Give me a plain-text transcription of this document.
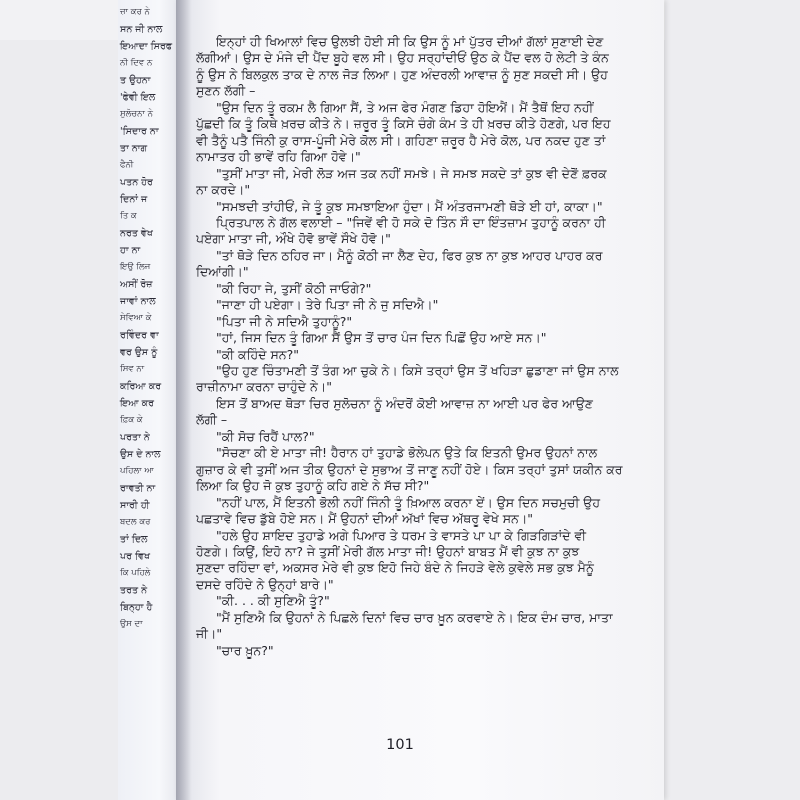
ਜ਼ਾ ਕਰ ਨੇ
ਸਨ ਜੀ ਨਾਲ
ਇਆਦਾ ਸਿਰਫ
ਨੀ ਦਿਵ ਨ
ਤ ਉਹਨਾ
'ਫੇਵੀ ਇਲ
ਸੁਲੋਚਨਾ ਨੇ
'ਸਿਦਾਰ ਨਾ
ਤਾ ਨਾਗ
ਫੈਨੀ
ਪਤਨ ਹੋਰ
ਦਿਨਾਂ ਜ
ਤਿ ਕ
ਨਰਤ ਵੇਖ
ਹਾ ਨਾ
ਇਉ ਲਿਜ
ਅਸੀਂ ਰੋਜ਼
ਜਾਵਾਂ ਨਾਲ
ਸੇਵਿਆ ਕੇ
ਰਵਿੰਦਰ ਵਾ
ਵਰ ਉਸ ਨੂੰ
ਸਿਵ ਨਾ
ਕਰਿਆ ਕਰ
ਇਆ ਕਰ
ਫ਼ਿਕ ਕੇ
ਪਰਤਾ ਨੇ
ਉਸ ਦੇ ਨਾਲ
ਪਹਿਲਾ ਆ
ਰਾਵਤੀ ਨਾ
ਸਾਰੀ ਹੀ
ਬਦਲ ਕਰ
ਤਾਂ ਦਿਲ
ਪਰ ਵਿਖ
ਕਿ ਪਹਿਲੇ
ਤਰਤ ਨੇ
ਬਿਨ੍ਹਾ ਹੈ
ਉਸ ਦਾ
ਇਨ੍ਹਾਂ ਹੀ ਖਿਆਲਾਂ ਵਿਚ ਉਲਝੀ ਹੋਈ ਸੀ ਕਿ ਉਸ ਨੂੰ ਮਾਂ ਪੁੱਤਰ ਦੀਆਂ ਗੱਲਾਂ ਸੁਣਾਈ ਦੇਣ
ਲੱਗੀਆਂ। ਉਸ ਦੇ ਮੰਜੇ ਦੀ ਪੈਂਦ ਬੂਹੇ ਵਲ ਸੀ। ਉਹ ਸਰ੍ਹਾਂਦੀਓਂ ਉਠ ਕੇ ਪੈਂਦ ਵਲ ਹੋ ਲੇਟੀ ਤੇ ਕੰਨ
ਨੂੰ ਉਸ ਨੇ ਬਿਲਕੁਲ ਤਾਕ ਦੇ ਨਾਲ ਜੋੜ ਲਿਆ। ਹੁਣ ਅੰਦਰਲੀ ਆਵਾਜ਼ ਨੂੰ ਸੁਣ ਸਕਦੀ ਸੀ। ਉਹ
ਸੁਣਨ ਲੱਗੀ –
"ਉਸ ਦਿਨ ਤੂੰ ਰਕਮ ਲੈ ਗਿਆ ਸੈਂ, ਤੇ ਅਜ ਫੇਰ ਮੰਗਣ ਡਿਹਾ ਹੋਇਐਂ। ਮੈਂ ਤੈਥੋਂ ਇਹ ਨਹੀਂ
ਪੁੱਛਦੀ ਕਿ ਤੂੰ ਕਿਥੇ ਖ਼ਰਚ ਕੀਤੇ ਨੇ। ਜ਼ਰੂਰ ਤੂੰ ਕਿਸੇ ਚੰਗੇ ਕੰਮ ਤੇ ਹੀ ਖ਼ਰਚ ਕੀਤੇ ਹੋਣਗੇ, ਪਰ ਇਹ
ਵੀ ਤੈਨੂੰ ਪਤੈ ਜਿੰਨੀ ਕੁ ਰਾਸ-ਪੂੰਜੀ ਮੇਰੇ ਕੋਲ ਸੀ। ਗਹਿਣਾ ਜ਼ਰੂਰ ਹੈ ਮੇਰੇ ਕੋਲ, ਪਰ ਨਕਦ ਹੁਣ ਤਾਂ
ਨਾਮਾਤਰ ਹੀ ਭਾਵੇਂ ਰਹਿ ਗਿਆ ਹੋਵੇ।"
"ਤੁਸੀਂ ਮਾਤਾ ਜੀ, ਮੇਰੀ ਲੋੜ ਅਜ ਤਕ ਨਹੀਂ ਸਮਝੇ। ਜੇ ਸਮਝ ਸਕਦੇ ਤਾਂ ਕੁਝ ਵੀ ਦੇਣੋਂ ਫ਼ਰਕ
ਨਾ ਕਰਦੇ।"
"ਸਮਝਦੀ ਤਾਂਹੀਓਂ, ਜੇ ਤੂੰ ਕੁਝ ਸਮਝਾਇਆ ਹੁੰਦਾ। ਮੈਂ ਅੰਤਰਜਾਮਣੀ ਥੋੜੇ ਈ ਹਾਂ, ਕਾਕਾ।"
ਪ੍ਰਿਤਪਾਲ ਨੇ ਗੱਲ ਵਲਾਈ – "ਜਿਵੇਂ ਵੀ ਹੋ ਸਕੇ ਦੋ ਤਿੰਨ ਸੌ ਦਾ ਇੰਤਜ਼ਾਮ ਤੁਹਾਨੂੰ ਕਰਨਾ ਹੀ
ਪਏਗਾ ਮਾਤਾ ਜੀ, ਔਖੇ ਹੋਵੋ ਭਾਵੇਂ ਸੌਖੇ ਹੋਵੋ।"
"ਤਾਂ ਥੋੜੇ ਦਿਨ ਠਹਿਰ ਜਾ। ਮੈਨੂੰ ਕੋਠੀ ਜਾ ਲੈਣ ਦੇਹ, ਫਿਰ ਕੁਝ ਨਾ ਕੁਝ ਆਹਰ ਪਾਹਰ ਕਰ
ਦਿਆਂਗੀ।"
"ਕੀ ਰਿਹਾ ਜੇ, ਤੁਸੀਂ ਕੋਠੀ ਜਾਓਗੇ?"
"ਜਾਣਾ ਹੀ ਪਏਗਾ। ਤੇਰੇ ਪਿਤਾ ਜੀ ਨੇ ਜੁ ਸਦਿਐ।"
"ਪਿਤਾ ਜੀ ਨੇ ਸਦਿਐ ਤੁਹਾਨੂੰ?"
"ਹਾਂ, ਜਿਸ ਦਿਨ ਤੂੰ ਗਿਆ ਸੈਂ ਉਸ ਤੋਂ ਚਾਰ ਪੰਜ ਦਿਨ ਪਿਛੋਂ ਉਹ ਆਏ ਸਨ।"
"ਕੀ ਕਹਿੰਦੇ ਸਨ?"
"ਉਹ ਹੁਣ ਚਿੰਤਾਮਣੀ ਤੋਂ ਤੰਗ ਆ ਚੁਕੇ ਨੇ। ਕਿਸੇ ਤਰ੍ਹਾਂ ਉਸ ਤੋਂ ਖਹਿੜਾ ਛੁਡਾਣਾ ਜਾਂ ਉਸ ਨਾਲ
ਰਾਜ਼ੀਨਾਮਾ ਕਰਨਾ ਚਾਹੁੰਦੇ ਨੇ।"
ਇਸ ਤੋਂ ਬਾਅਦ ਥੋੜਾ ਚਿਰ ਸੁਲੋਚਨਾ ਨੂੰ ਅੰਦਰੋਂ ਕੋਈ ਆਵਾਜ਼ ਨਾ ਆਈ ਪਰ ਫੇਰ ਆਉਣ
ਲੱਗੀ –
"ਕੀ ਸੋਚ ਰਿਹੈਂ ਪਾਲ?"
"ਸੋਚਣਾ ਕੀ ਏ ਮਾਤਾ ਜੀ! ਹੈਰਾਨ ਹਾਂ ਤੁਹਾਡੇ ਭੋਲੇਪਨ ਉਤੇ ਕਿ ਇਤਨੀ ਉਮਰ ਉਹਨਾਂ ਨਾਲ
ਗੁਜ਼ਾਰ ਕੇ ਵੀ ਤੁਸੀਂ ਅਜ ਤੀਕ ਉਹਨਾਂ ਦੇ ਸੁਭਾਅ ਤੋਂ ਜਾਣੂ ਨਹੀਂ ਹੋਏ। ਕਿਸ ਤਰ੍ਹਾਂ ਤੁਸਾਂ ਯਕੀਨ ਕਰ
ਲਿਆ ਕਿ ਉਹ ਜੋ ਕੁਝ ਤੁਹਾਨੂੰ ਕਹਿ ਗਏ ਨੇ ਸੱਚ ਸੀ?"
"ਨਹੀਂ ਪਾਲ, ਮੈਂ ਇਤਨੀ ਭੋਲੀ ਨਹੀਂ ਜਿੰਨੀ ਤੂੰ ਖ਼ਿਆਲ ਕਰਨਾ ਏਂ। ਉਸ ਦਿਨ ਸਚਮੁਚੀ ਉਹ
ਪਛਤਾਵੇ ਵਿਚ ਡੁੱਬੇ ਹੋਏ ਸਨ। ਮੈਂ ਉਹਨਾਂ ਦੀਆਂ ਅੱਖਾਂ ਵਿਚ ਅੱਥਰੂ ਵੇਖੇ ਸਨ।"
"ਹਲੇ ਉਹ ਸ਼ਾਇਦ ਤੁਹਾਡੇ ਅਗੇ ਪਿਆਰ ਤੇ ਧਰਮ ਤੇ ਵਾਸਤੇ ਪਾ ਪਾ ਕੇ ਗਿੜਗਿੜਾਂਦੇ ਵੀ
ਹੋਣਗੇ। ਕਿਉਂ, ਇਹੋ ਨਾ? ਜੇ ਤੁਸੀਂ ਮੇਰੀ ਗੱਲ ਮਾਤਾ ਜੀ! ਉਹਨਾਂ ਬਾਬਤ ਮੈਂ ਵੀ ਕੁਝ ਨਾ ਕੁਝ
ਸੁਣਦਾ ਰਹਿੰਦਾ ਵਾਂ, ਅਕਸਰ ਮੇਰੇ ਵੀ ਕੁਝ ਇਹੋ ਜਿਹੇ ਬੰਦੇ ਨੇ ਜਿਹੜੇ ਵੇਲੇ ਕੁਵੇਲੇ ਸਭ ਕੁਝ ਮੈਨੂੰ
ਦਸਦੇ ਰਹਿੰਦੇ ਨੇ ਉਨ੍ਹਾਂ ਬਾਰੇ।"
"ਕੀ. . . ਕੀ ਸੁਣਿਐ ਤੂੰ?"
"ਮੈਂ ਸੁਣਿਐ ਕਿ ਉਹਨਾਂ ਨੇ ਪਿਛਲੇ ਦਿਨਾਂ ਵਿਚ ਚਾਰ ਖ਼ੂਨ ਕਰਵਾਏ ਨੇ। ਇਕ ਦੰਮ ਚਾਰ, ਮਾਤਾ
ਜੀ।"
"ਚਾਰ ਖ਼ੂਨ?"
101
